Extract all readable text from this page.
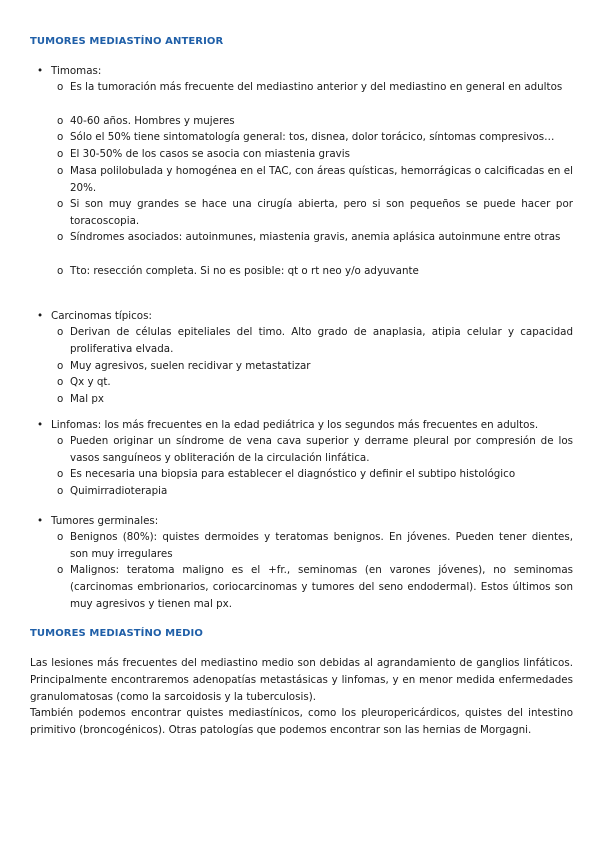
TUMORES MEDIASTÍNO ANTERIOR
• Timomas:
o Es la tumoración más frecuente del mediastino anterior y del mediastino en general en adultos
o 40-60 años. Hombres y mujeres
o Sólo el 50% tiene sintomatología general: tos, disnea, dolor torácico, síntomas compresivos…
o El 30-50% de los casos se asocia con miastenia gravis
o Masa polilobulada y homogénea en el TAC, con áreas quísticas, hemorrágicas o calcificadas en el 20%.
o Si son muy grandes se hace una cirugía abierta, pero si son pequeños se puede hacer por toracoscopia.
o Síndromes asociados: autoinmunes, miastenia gravis, anemia aplásica autoinmune entre otras
o Tto: resección completa. Si no es posible: qt o rt neo y/o adyuvante
• Carcinomas típicos:
o Derivan de células epiteliales del timo. Alto grado de anaplasia, atipia celular y capacidad proliferativa elvada.
o Muy agresivos, suelen recidivar y metastatizar
o Qx y qt.
o Mal px
• Linfomas: los más frecuentes en la edad pediátrica y los segundos más frecuentes en adultos.
o Pueden originar un síndrome de vena cava superior y derrame pleural por compresión de los vasos sanguíneos y obliteración de la circulación linfática.
o Es necesaria una biopsia para establecer el diagnóstico y definir el subtipo histológico
o Quimirradioterapia
• Tumores germinales:
o Benignos (80%): quistes dermoides y teratomas benignos. En jóvenes. Pueden tener dientes, son muy irregulares
o Malignos: teratoma maligno es el +fr., seminomas (en varones jóvenes), no seminomas (carcinomas embrionarios, coriocarcinomas y tumores del seno endodermal). Estos últimos son muy agresivos y tienen mal px.
TUMORES MEDIASTÍNO MEDIO
Las lesiones más frecuentes del mediastino medio son debidas al agrandamiento de ganglios linfáticos. Principalmente encontraremos adenopatías metastásicas y linfomas, y en menor medida enfermedades granulomatosas (como la sarcoidosis y la tuberculosis).
También podemos encontrar quistes mediastínicos, como los pleuropericárdicos, quistes del intestino primitivo (broncogénicos). Otras patologías que podemos encontrar son las hernias de Morgagni.
